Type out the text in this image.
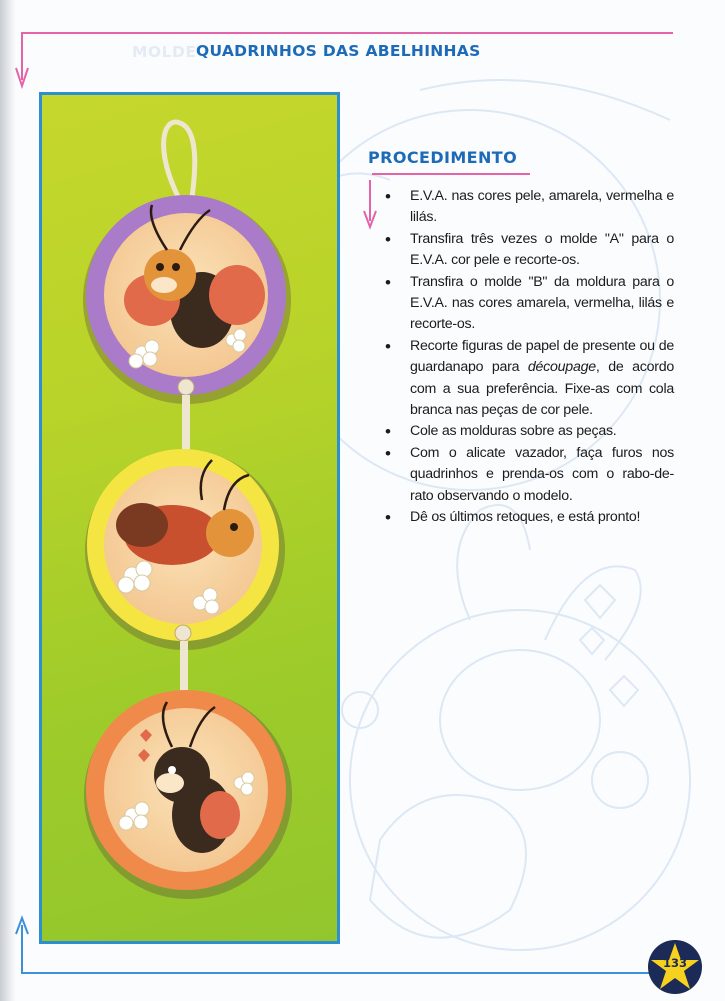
MOLDE QUADRINHOS DAS ABELHINHAS
PROCEDIMENTO
• E.V.A. nas cores pele, amarela, vermelha e lilás.
• Transfira três vezes o molde "A" para o E.V.A. cor pele e recorte-os.
• Transfira o molde "B" da moldura para o E.V.A. nas cores amarela, vermelha, lilás e recorte-os.
• Recorte figuras de papel de presente ou de guardanapo para découpage, de acordo com a sua preferência. Fixe-as com cola branca nas peças de cor pele.
• Cole as molduras sobre as peças.
• Com o alicate vazador, faça furos nos quadrinhos e prenda-os com o rabo-de-rato observando o modelo.
• Dê os últimos retoques, e está pronto!
133
